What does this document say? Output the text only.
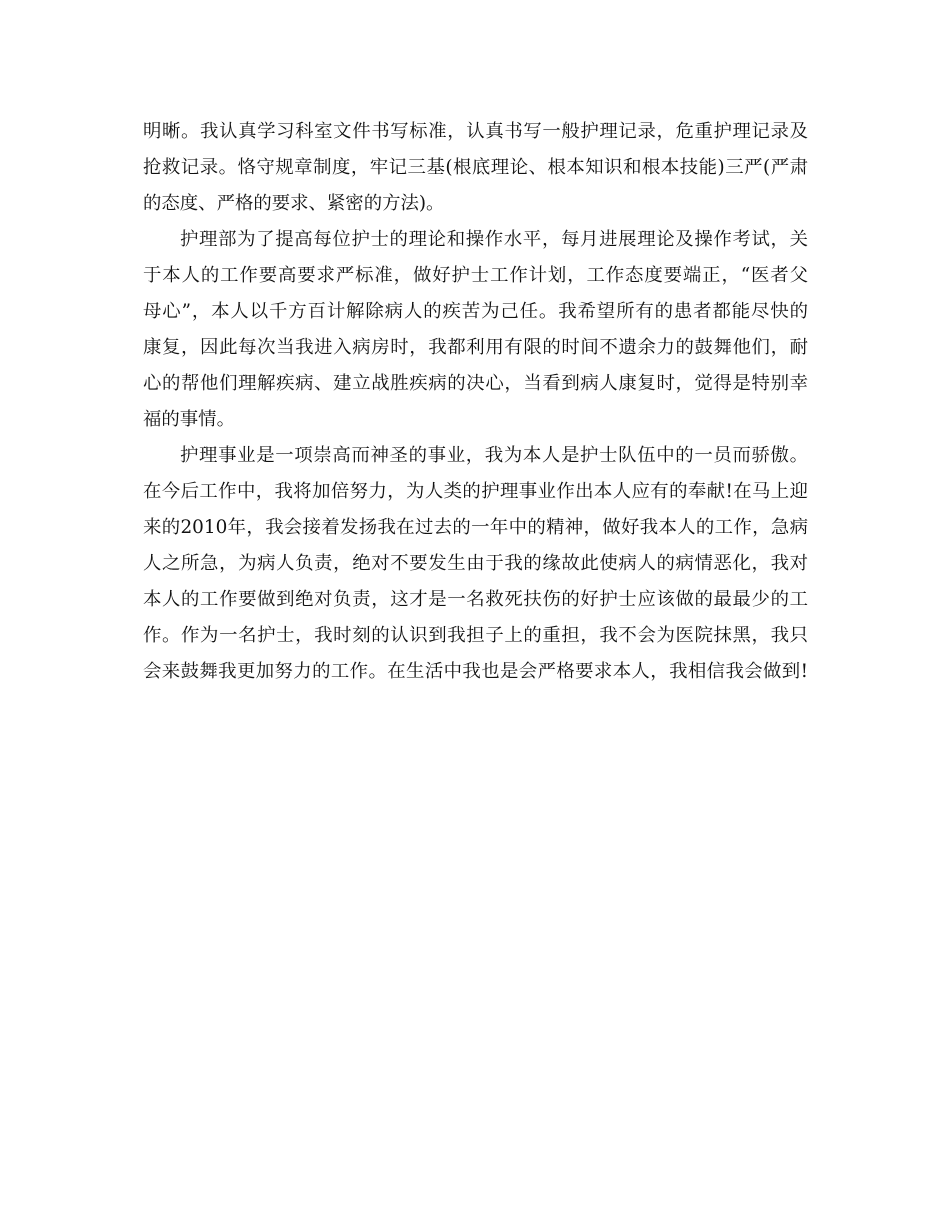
明晰。我认真学习科室文件书写标准，认真书写一般护理记录，危重护理记录及
抢救记录。恪守规章制度，牢记三基(根底理论、根本知识和根本技能)三严(严肃
的态度、严格的要求、紧密的方法)。
护理部为了提高每位护士的理论和操作水平，每月进展理论及操作考试，关
于本人的工作要高要求严标准，做好护士工作计划，工作态度要端正，“医者父
母心”，本人以千方百计解除病人的疾苦为己任。我希望所有的患者都能尽快的
康复，因此每次当我进入病房时，我都利用有限的时间不遗余力的鼓舞他们，耐
心的帮他们理解疾病、建立战胜疾病的决心，当看到病人康复时，觉得是特别幸
福的事情。
护理事业是一项崇高而神圣的事业，我为本人是护士队伍中的一员而骄傲。
在今后工作中，我将加倍努力，为人类的护理事业作出本人应有的奉献!在马上迎
来的2010年，我会接着发扬我在过去的一年中的精神，做好我本人的工作，急病
人之所急，为病人负责，绝对不要发生由于我的缘故此使病人的病情恶化，我对
本人的工作要做到绝对负责，这才是一名救死扶伤的好护士应该做的最最少的工
作。作为一名护士，我时刻的认识到我担子上的重担，我不会为医院抹黑，我只
会来鼓舞我更加努力的工作。在生活中我也是会严格要求本人，我相信我会做到!
